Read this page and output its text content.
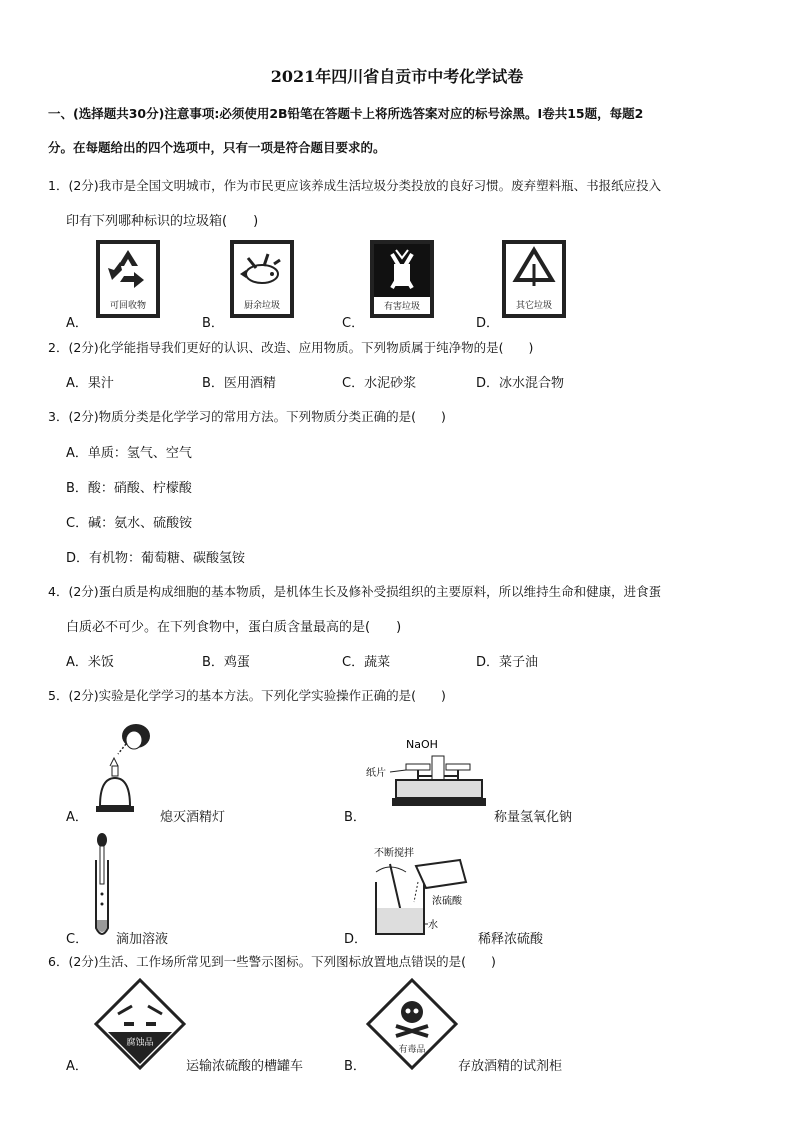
2021年四川省自贡市中考化学试卷
一、(选择题共30分)注意事项:必须使用2B铅笔在答题卡上将所选答案对应的标号涂黑。Ⅰ卷共15题，每题2
分。在每题给出的四个选项中，只有一项是符合题目要求的。
1．(2分)我市是全国文明城市，作为市民更应该养成生活垃圾分类投放的良好习惯。废弃塑料瓶、书报纸应投入
印有下列哪种标识的垃圾箱(　　)
A．	B．	C．	D．
可回收物	厨余垃圾	有害垃圾	其它垃圾
2．(2分)化学能指导我们更好的认识、改造、应用物质。下列物质属于纯净物的是(　　)
A．果汁	B．医用酒精	C．水泥砂浆	D．冰水混合物
3．(2分)物质分类是化学学习的常用方法。下列物质分类正确的是(　　)
A．单质：氢气、空气
B．酸：硝酸、柠檬酸
C．碱：氨水、硫酸铵
D．有机物：葡萄糖、碳酸氢铵
4．(2分)蛋白质是构成细胞的基本物质，是机体生长及修补受损组织的主要原料，所以维持生命和健康，进食蛋
白质必不可少。在下列食物中，蛋白质含量最高的是(　　)
A．米饭	B．鸡蛋	C．蔬菜	D．菜子油
5．(2分)实验是化学学习的基本方法。下列化学实验操作正确的是(　　)
A．	熄灭酒精灯
NaOH
纸片
B．	称量氢氧化钠
C． 滴加溶液
不断搅拌
浓硫酸
水
D．	稀释浓硫酸
6．(2分)生活、工作场所常见到一些警示图标。下列图标放置地点错误的是(　　)
腐蚀品
A．	运输浓硫酸的槽罐车
有毒品
B．	存放酒精的试剂柜
